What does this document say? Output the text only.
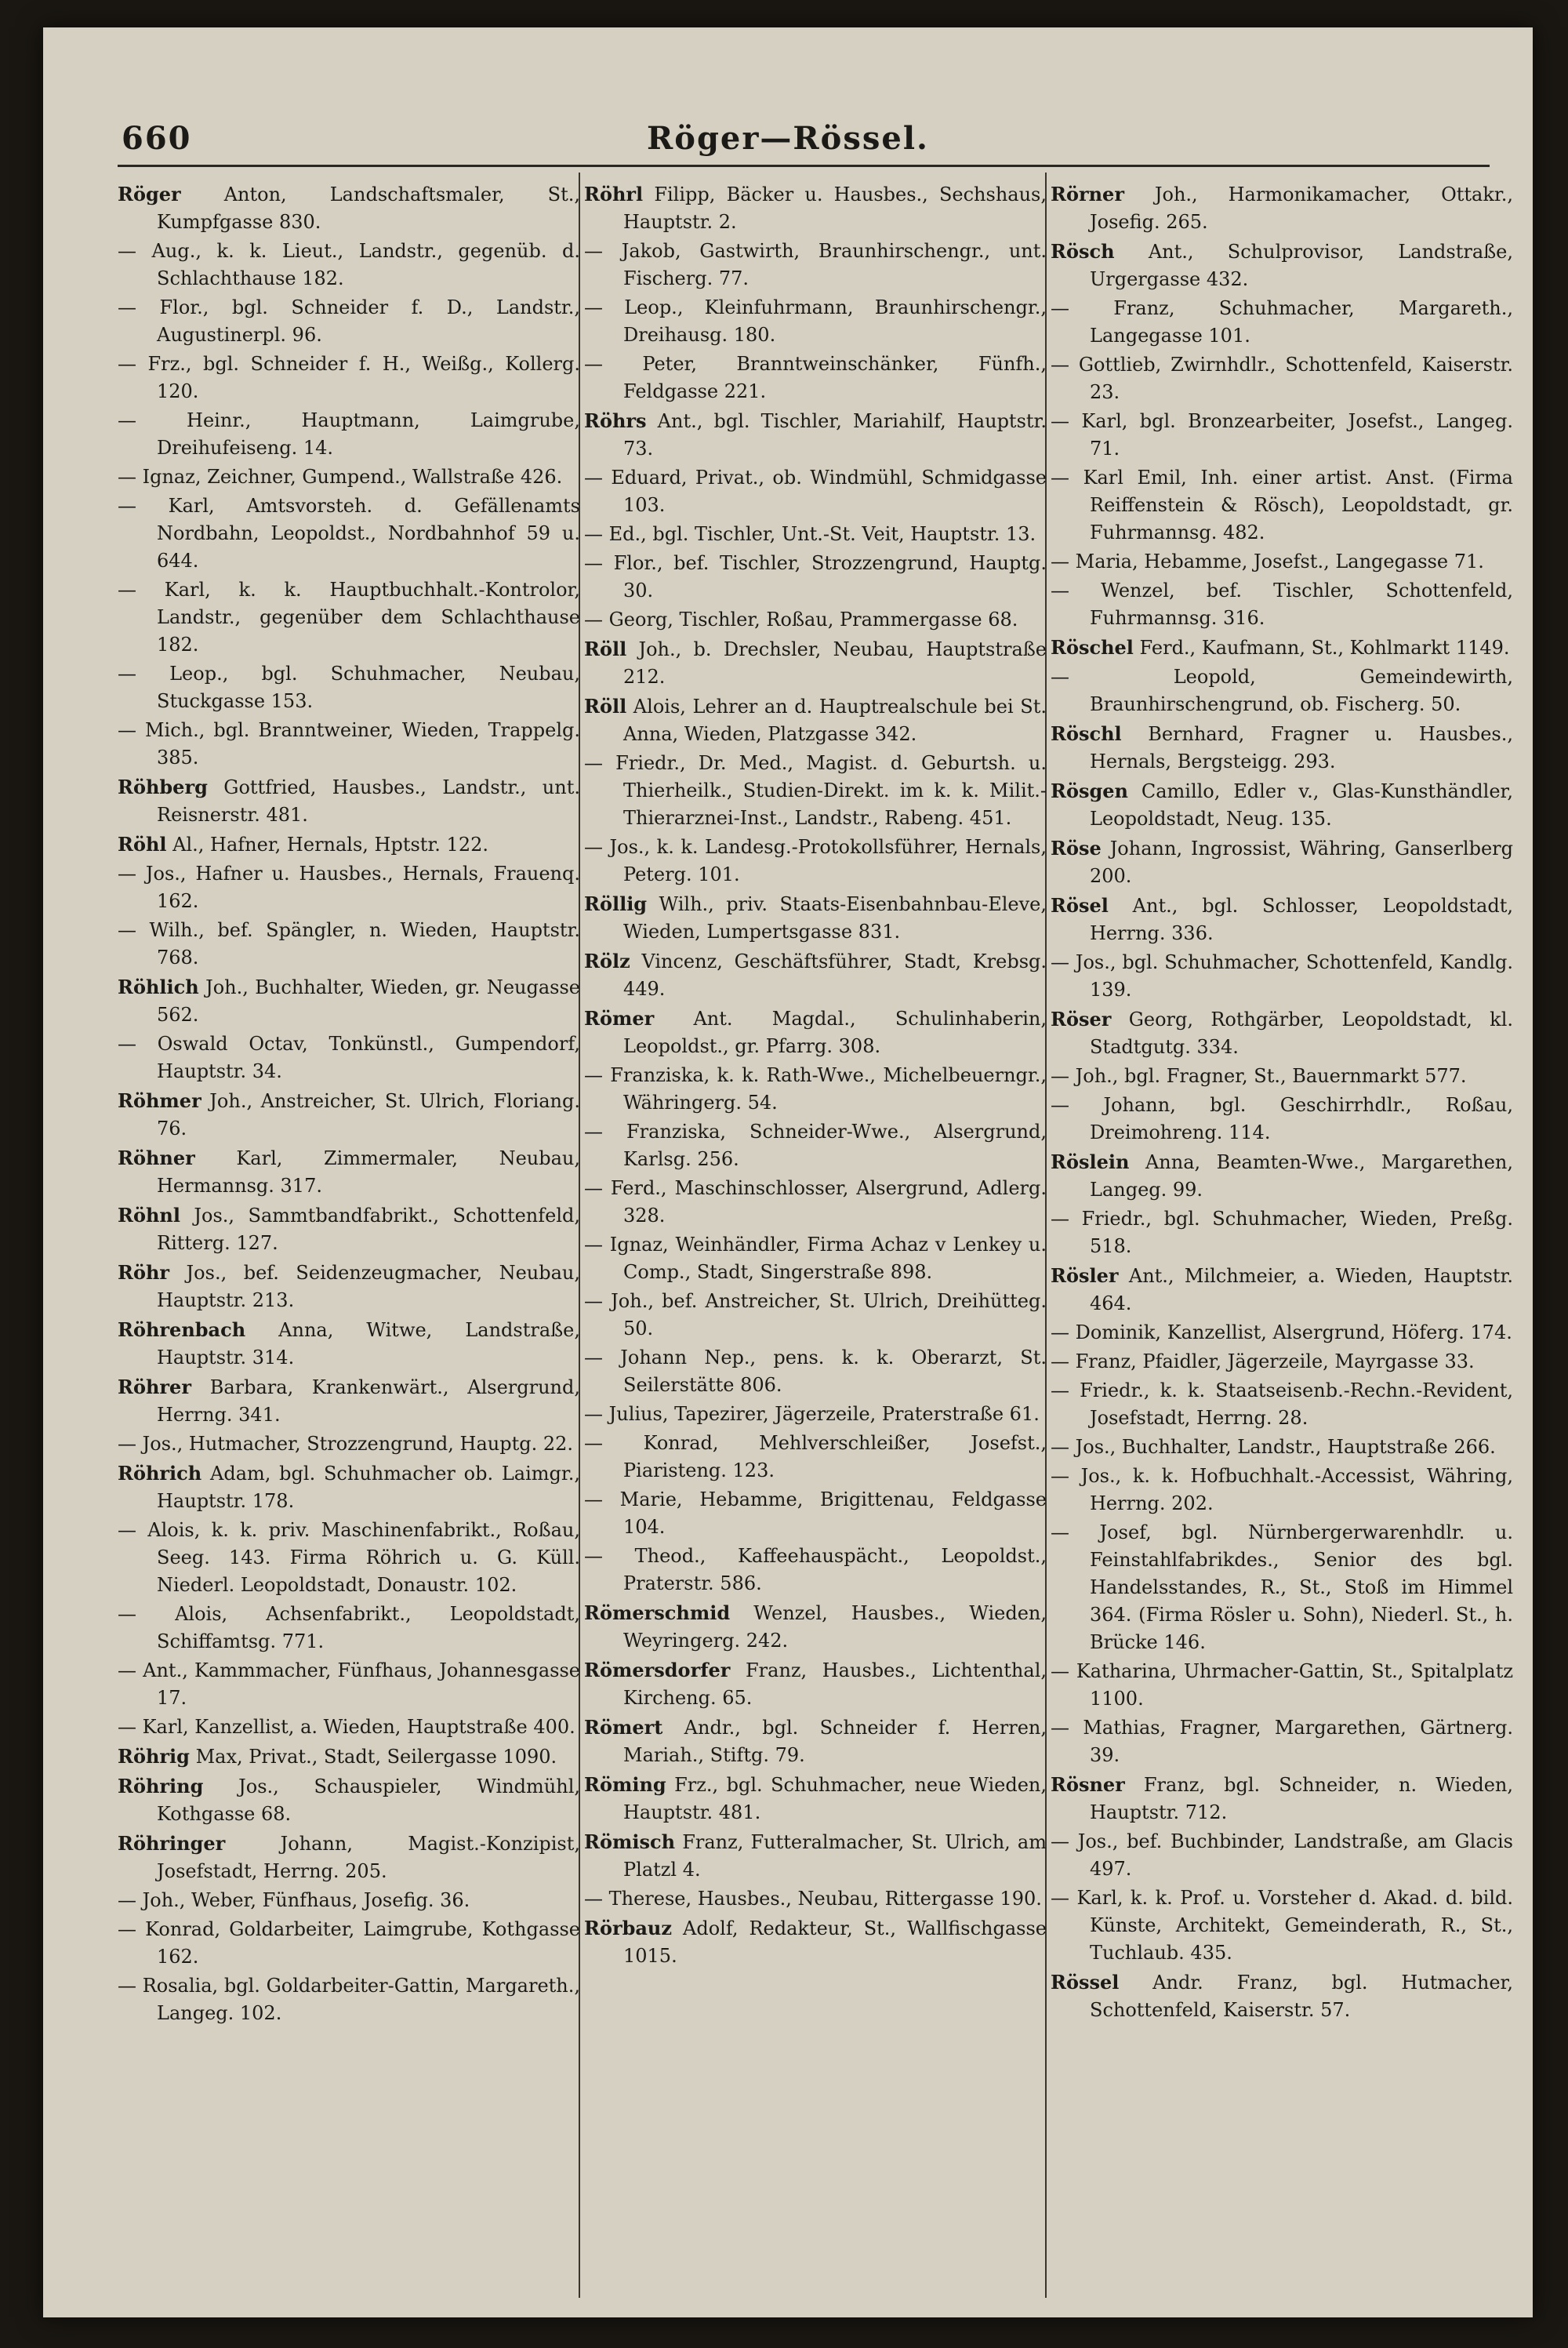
660	Röger—Rössel.

Röger Anton, Landschaftsmaler, St., Kumpfgasse 830.

— Aug., k. k. Lieut., Landstr., gegenüb. d. Schlachthause 182.

— Flor., bgl. Schneider f. D., Landstr., Augustinerpl. 96.

— Frz., bgl. Schneider f. H., Weißg., Kollerg. 120.

— Heinr., Hauptmann, Laimgrube, Dreihufeiseng. 14.

— Ignaz, Zeichner, Gumpend., Wallstraße 426.

— Karl, Amtsvorsteh. d. Gefällenamts Nordbahn, Leopoldst., Nordbahnhof 59 u. 644.

— Karl, k. k. Hauptbuchhalt.-Kontrolor, Landstr., gegenüber dem Schlachthause 182.

— Leop., bgl. Schuhmacher, Neubau, Stuckgasse 153.

— Mich., bgl. Branntweiner, Wieden, Trappelg. 385.

Röhberg Gottfried, Hausbes., Landstr., unt. Reisnerstr. 481.

Röhl Al., Hafner, Hernals, Hptstr. 122.

— Jos., Hafner u. Hausbes., Hernals, Frauenq. 162.

— Wilh., bef. Spängler, n. Wieden, Hauptstr. 768.

Röhlich Joh., Buchhalter, Wieden, gr. Neugasse 562.

— Oswald Octav, Tonkünstl., Gumpendorf, Hauptstr. 34.

Röhmer Joh., Anstreicher, St. Ulrich, Floriang. 76.

Röhner Karl, Zimmermaler, Neubau, Hermannsg. 317.

Röhnl Jos., Sammtbandfabrikt., Schottenfeld, Ritterg. 127.

Röhr Jos., bef. Seidenzeugmacher, Neubau, Hauptstr. 213.

Röhrenbach Anna, Witwe, Landstraße, Hauptstr. 314.

Röhrer Barbara, Krankenwärt., Alsergrund, Herrng. 341.

— Jos., Hutmacher, Strozzengrund, Hauptg. 22.

Röhrich Adam, bgl. Schuhmacher ob. Laimgr., Hauptstr. 178.

— Alois, k. k. priv. Maschinenfabrikt., Roßau, Seeg. 143. Firma Röhrich u. G. Küll. Niederl. Leopoldstadt, Donaustr. 102.

— Alois, Achsenfabrikt., Leopoldstadt, Schiffamtsg. 771.

— Ant., Kammmacher, Fünfhaus, Johannesgasse 17.

— Karl, Kanzellist, a. Wieden, Hauptstraße 400.

Röhrig Max, Privat., Stadt, Seilergasse 1090.

Röhring Jos., Schauspieler, Windmühl, Kothgasse 68.

Röhringer Johann, Magist.-Konzipist, Josefstadt, Herrng. 205.

— Joh., Weber, Fünfhaus, Josefig. 36.

— Konrad, Goldarbeiter, Laimgrube, Kothgasse 162.

— Rosalia, bgl. Goldarbeiter-Gattin, Margareth., Langeg. 102.

Röhrl Filipp, Bäcker u. Hausbes., Sechshaus, Hauptstr. 2.

— Jakob, Gastwirth, Braunhirschengr., unt. Fischerg. 77.

— Leop., Kleinfuhrmann, Braunhirschengr., Dreihausg. 180.

— Peter, Branntweinschänker, Fünfh., Feldgasse 221.

Röhrs Ant., bgl. Tischler, Mariahilf, Hauptstr. 73.

— Eduard, Privat., ob. Windmühl, Schmidgasse 103.

— Ed., bgl. Tischler, Unt.-St. Veit, Hauptstr. 13.

— Flor., bef. Tischler, Strozzengrund, Hauptg. 30.

— Georg, Tischler, Roßau, Prammergasse 68.

Röll Joh., b. Drechsler, Neubau, Hauptstraße 212.

Röll Alois, Lehrer an d. Hauptrealschule bei St. Anna, Wieden, Platzgasse 342.

— Friedr., Dr. Med., Magist. d. Geburtsh. u. Thierheilk., Studien-Direkt. im k. k. Milit.-Thierarznei-Inst., Landstr., Rabeng. 451.

— Jos., k. k. Landesg.-Protokollsführer, Hernals, Peterg. 101.

Röllig Wilh., priv. Staats-Eisenbahnbau-Eleve, Wieden, Lumpertsgasse 831.

Rölz Vincenz, Geschäftsführer, Stadt, Krebsg. 449.

Römer Ant. Magdal., Schulinhaberin, Leopoldst., gr. Pfarrg. 308.

— Franziska, k. k. Rath-Wwe., Michelbeuerngr., Währingerg. 54.

— Franziska, Schneider-Wwe., Alsergrund, Karlsg. 256.

— Ferd., Maschinschlosser, Alsergrund, Adlerg. 328.

— Ignaz, Weinhändler, Firma Achaz v Lenkey u. Comp., Stadt, Singerstraße 898.

— Joh., bef. Anstreicher, St. Ulrich, Dreihütteg. 50.

— Johann Nep., pens. k. k. Oberarzt, St. Seilerstätte 806.

— Julius, Tapezirer, Jägerzeile, Praterstraße 61.

— Konrad, Mehlverschleißer, Josefst., Piaristeng. 123.

— Marie, Hebamme, Brigittenau, Feldgasse 104.

— Theod., Kaffeehauspächt., Leopoldst., Praterstr. 586.

Römerschmid Wenzel, Hausbes., Wieden, Weyringerg. 242.

Römersdorfer Franz, Hausbes., Lichtenthal, Kircheng. 65.

Römert Andr., bgl. Schneider f. Herren, Mariah., Stiftg. 79.

Röming Frz., bgl. Schuhmacher, neue Wieden, Hauptstr. 481.

Römisch Franz, Futteralmacher, St. Ulrich, am Platzl 4.

— Therese, Hausbes., Neubau, Rittergasse 190.

Rörbauz Adolf, Redakteur, St., Wallfischgasse 1015.

Rörner Joh., Harmonikamacher, Ottakr., Josefig. 265.

Rösch Ant., Schulprovisor, Landstraße, Urgergasse 432.

— Franz, Schuhmacher, Margareth., Langegasse 101.

— Gottlieb, Zwirnhdlr., Schottenfeld, Kaiserstr. 23.

— Karl, bgl. Bronzearbeiter, Josefst., Langeg. 71.

— Karl Emil, Inh. einer artist. Anst. (Firma Reiffenstein & Rösch), Leopoldstadt, gr. Fuhrmannsg. 482.

— Maria, Hebamme, Josefst., Langegasse 71.

— Wenzel, bef. Tischler, Schottenfeld, Fuhrmannsg. 316.

Röschel Ferd., Kaufmann, St., Kohlmarkt 1149.

— Leopold, Gemeindewirth, Braunhirschengrund, ob. Fischerg. 50.

Röschl Bernhard, Fragner u. Hausbes., Hernals, Bergsteigg. 293.

Rösgen Camillo, Edler v., Glas-Kunsthändler, Leopoldstadt, Neug. 135.

Röse Johann, Ingrossist, Währing, Ganserlberg 200.

Rösel Ant., bgl. Schlosser, Leopoldstadt, Herrng. 336.

— Jos., bgl. Schuhmacher, Schottenfeld, Kandlg. 139.

Röser Georg, Rothgärber, Leopoldstadt, kl. Stadtgutg. 334.

— Joh., bgl. Fragner, St., Bauernmarkt 577.

— Johann, bgl. Geschirrhdlr., Roßau, Dreimohreng. 114.

Röslein Anna, Beamten-Wwe., Margarethen, Langeg. 99.

— Friedr., bgl. Schuhmacher, Wieden, Preßg. 518.

Rösler Ant., Milchmeier, a. Wieden, Hauptstr. 464.

— Dominik, Kanzellist, Alsergrund, Höferg. 174.

— Franz, Pfaidler, Jägerzeile, Mayrgasse 33.

— Friedr., k. k. Staatseisenb.-Rechn.-Revident, Josefstadt, Herrng. 28.

— Jos., Buchhalter, Landstr., Hauptstraße 266.

— Jos., k. k. Hofbuchhalt.-Accessist, Währing, Herrng. 202.

— Josef, bgl. Nürnbergerwarenhdlr. u. Feinstahlfabrikdes., Senior des bgl. Handelsstandes, R., St., Stoß im Himmel 364. (Firma Rösler u. Sohn), Niederl. St., h. Brücke 146.

— Katharina, Uhrmacher-Gattin, St., Spitalplatz 1100.

— Mathias, Fragner, Margarethen, Gärtnerg. 39.

Rösner Franz, bgl. Schneider, n. Wieden, Hauptstr. 712.

— Jos., bef. Buchbinder, Landstraße, am Glacis 497.

— Karl, k. k. Prof. u. Vorsteher d. Akad. d. bild. Künste, Architekt, Gemeinderath, R., St., Tuchlaub. 435.

Rössel Andr. Franz, bgl. Hutmacher, Schottenfeld, Kaiserstr. 57.
